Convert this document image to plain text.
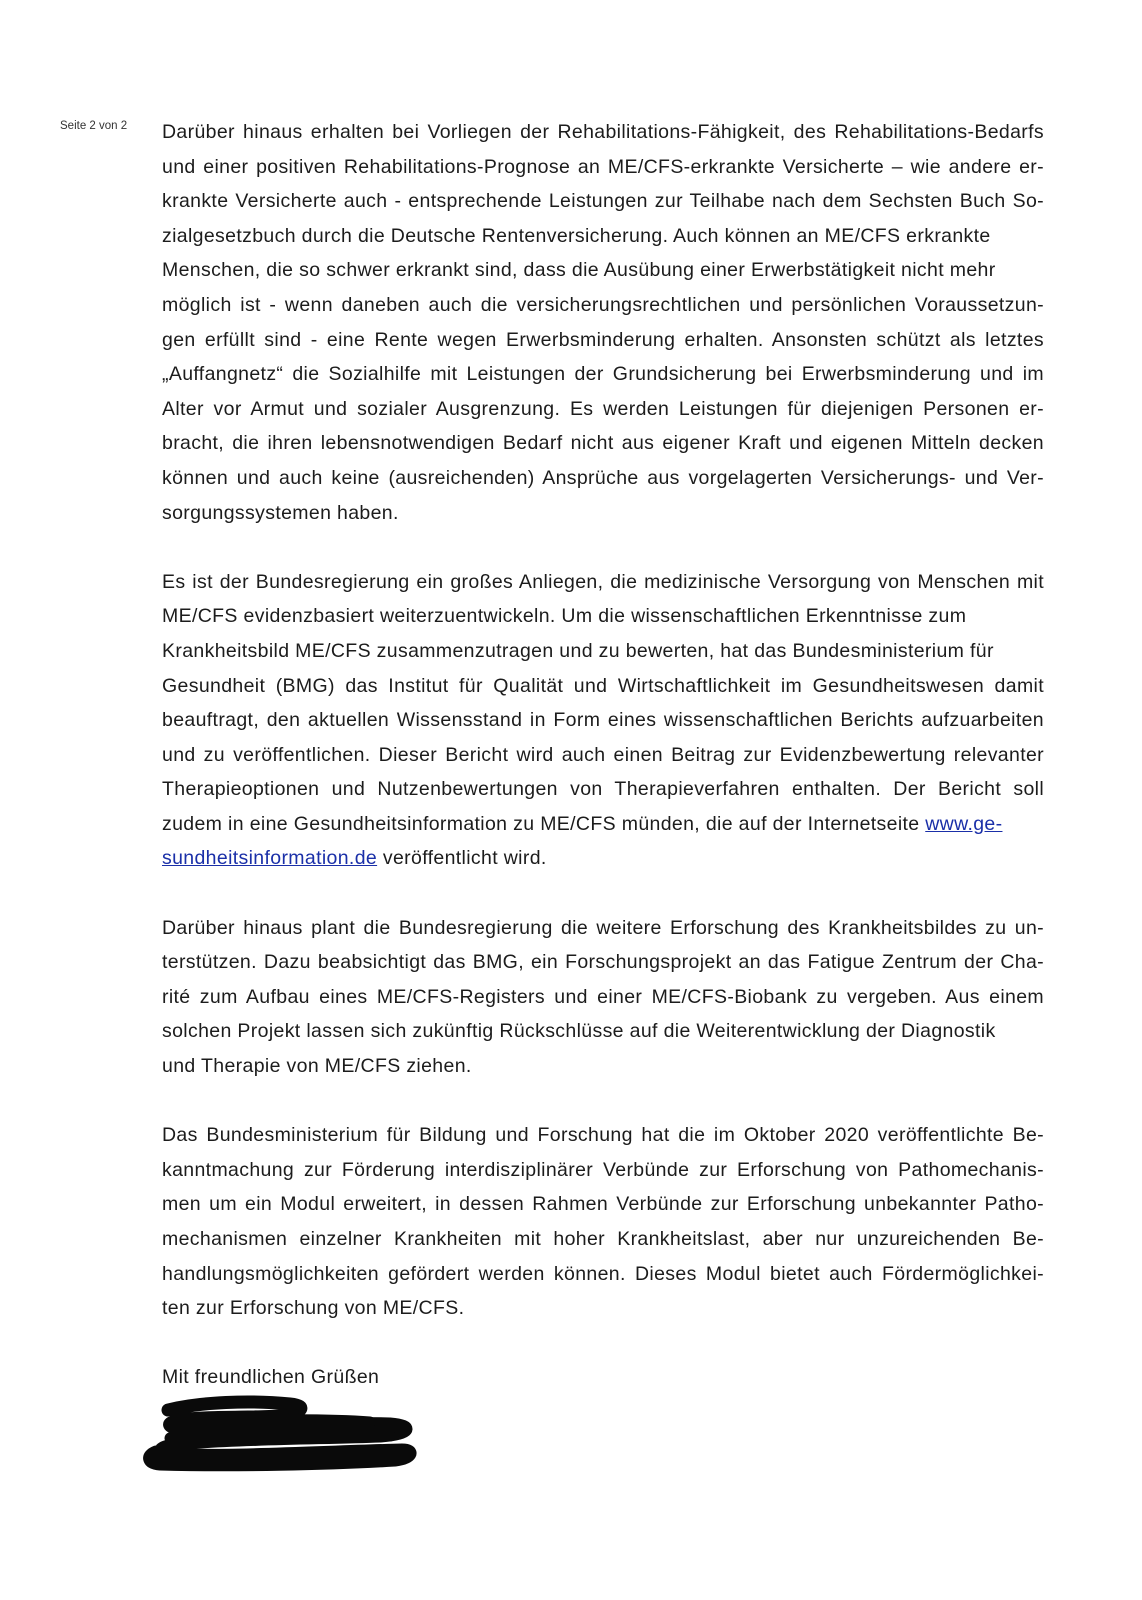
Seite 2 von 2 Darüber hinaus erhalten bei Vorliegen der Rehabilitations-Fähigkeit, des Rehabilitations-Bedarfs
und einer positiven Rehabilitations-Prognose an ME/CFS-erkrankte Versicherte – wie andere er-
krankte Versicherte auch - entsprechende Leistungen zur Teilhabe nach dem Sechsten Buch So-
zialgesetzbuch durch die Deutsche Rentenversicherung. Auch können an ME/CFS erkrankte
Menschen, die so schwer erkrankt sind, dass die Ausübung einer Erwerbstätigkeit nicht mehr
möglich ist - wenn daneben auch die versicherungsrechtlichen und persönlichen Voraussetzun-
gen erfüllt sind - eine Rente wegen Erwerbsminderung erhalten. Ansonsten schützt als letztes
„Auffangnetz“ die Sozialhilfe mit Leistungen der Grundsicherung bei Erwerbsminderung und im
Alter vor Armut und sozialer Ausgrenzung. Es werden Leistungen für diejenigen Personen er-
bracht, die ihren lebensnotwendigen Bedarf nicht aus eigener Kraft und eigenen Mitteln decken
können und auch keine (ausreichenden) Ansprüche aus vorgelagerten Versicherungs- und Ver-
sorgungssystemen haben.
Es ist der Bundesregierung ein großes Anliegen, die medizinische Versorgung von Menschen mit
ME/CFS evidenzbasiert weiterzuentwickeln. Um die wissenschaftlichen Erkenntnisse zum
Krankheitsbild ME/CFS zusammenzutragen und zu bewerten, hat das Bundesministerium für
Gesundheit (BMG) das Institut für Qualität und Wirtschaftlichkeit im Gesundheitswesen damit
beauftragt, den aktuellen Wissensstand in Form eines wissenschaftlichen Berichts aufzuarbeiten
und zu veröffentlichen. Dieser Bericht wird auch einen Beitrag zur Evidenzbewertung relevanter
Therapieoptionen und Nutzenbewertungen von Therapieverfahren enthalten. Der Bericht soll
zudem in eine Gesundheitsinformation zu ME/CFS münden, die auf der Internetseite www.ge-
sundheitsinformation.de veröffentlicht wird.
Darüber hinaus plant die Bundesregierung die weitere Erforschung des Krankheitsbildes zu un-
terstützen. Dazu beabsichtigt das BMG, ein Forschungsprojekt an das Fatigue Zentrum der Cha-
rité zum Aufbau eines ME/CFS-Registers und einer ME/CFS-Biobank zu vergeben. Aus einem
solchen Projekt lassen sich zukünftig Rückschlüsse auf die Weiterentwicklung der Diagnostik
und Therapie von ME/CFS ziehen.
Das Bundesministerium für Bildung und Forschung hat die im Oktober 2020 veröffentlichte Be-
kanntmachung zur Förderung interdisziplinärer Verbünde zur Erforschung von Pathomechanis-
men um ein Modul erweitert, in dessen Rahmen Verbünde zur Erforschung unbekannter Patho-
mechanismen einzelner Krankheiten mit hoher Krankheitslast, aber nur unzureichenden Be-
handlungsmöglichkeiten gefördert werden können. Dieses Modul bietet auch Fördermöglichkei-
ten zur Erforschung von ME/CFS.
Mit freundlichen Grüßen
